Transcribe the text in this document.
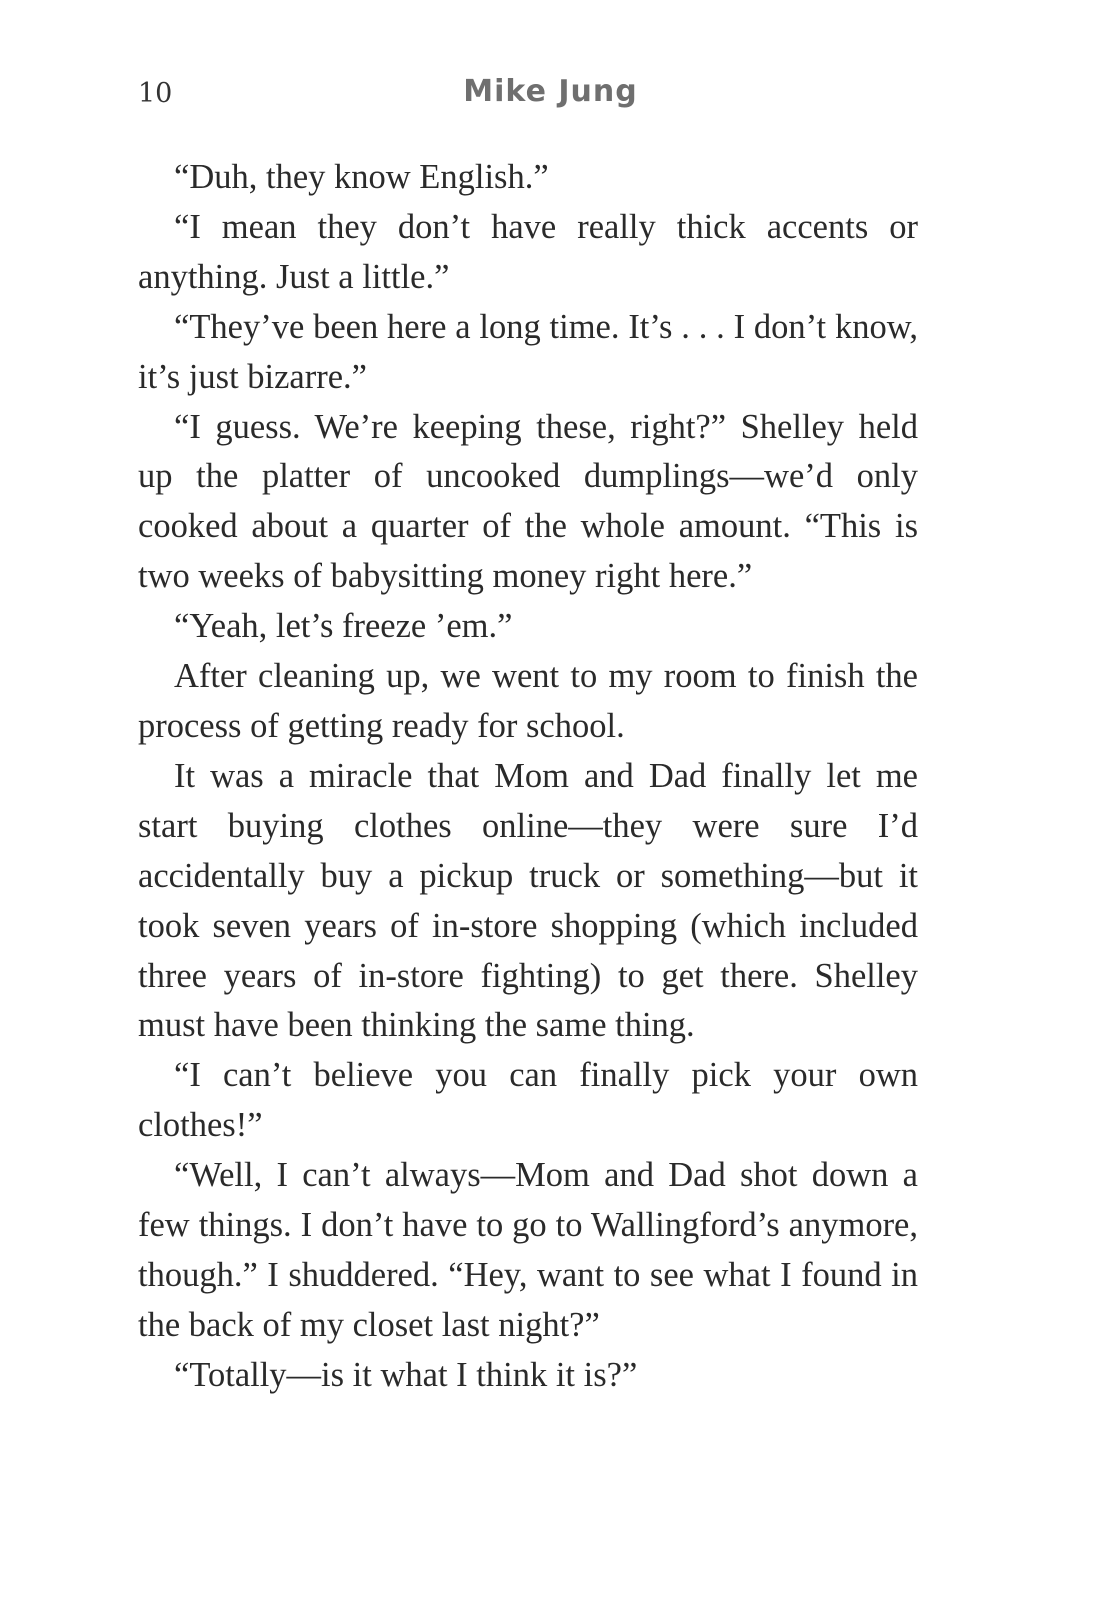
10	Mike Jung

“Duh, they know English.”

“I mean they don’t have really thick accents or anything. Just a little.”

“They’ve been here a long time. It’s . . . I don’t know, it’s just bizarre.”

“I guess. We’re keeping these, right?” Shelley held up the platter of uncooked dumplings—we’d only cooked about a quarter of the whole amount. “This is two weeks of babysitting money right here.”

“Yeah, let’s freeze ’em.”

After cleaning up, we went to my room to finish the process of getting ready for school.

It was a miracle that Mom and Dad finally let me start buying clothes online—they were sure I’d accidentally buy a pickup truck or something—but it took seven years of in-store shopping (which included three years of in-store fighting) to get there. Shelley must have been thinking the same thing.

“I can’t believe you can finally pick your own clothes!”

“Well, I can’t always—Mom and Dad shot down a few things. I don’t have to go to Wallingford’s anymore, though.” I shuddered. “Hey, want to see what I found in the back of my closet last night?”

“Totally—is it what I think it is?”
